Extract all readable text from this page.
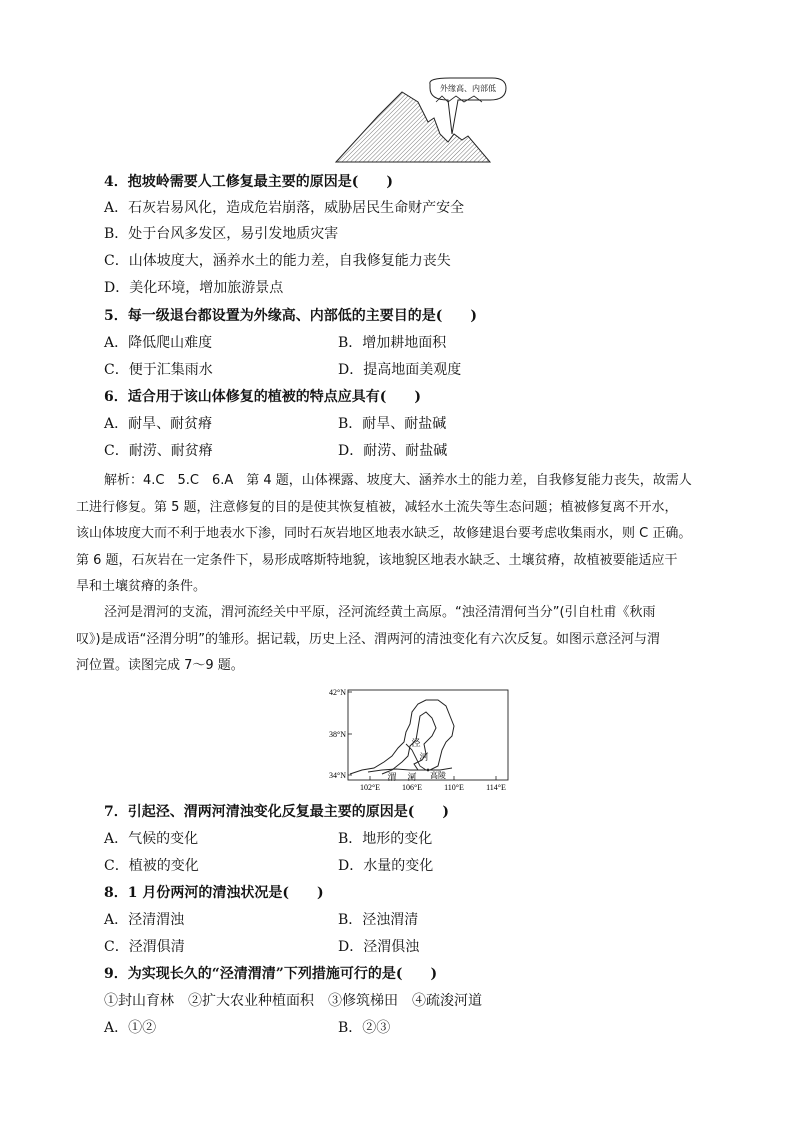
外缘高、内部低
4．抱坡岭需要人工修复最主要的原因是(　　)
A．石灰岩易风化，造成危岩崩落，威胁居民生命财产安全
B．处于台风多发区，易引发地质灾害
C．山体坡度大，涵养水土的能力差，自我修复能力丧失
D．美化环境，增加旅游景点
5．每一级退台都设置为外缘高、内部低的主要目的是(　　)
A．降低爬山难度	B．增加耕地面积
C．便于汇集雨水	D．提高地面美观度
6．适合用于该山体修复的植被的特点应具有(　　)
A．耐旱、耐贫瘠	B．耐旱、耐盐碱
C．耐涝、耐贫瘠	D．耐涝、耐盐碱
解析：4.C　5.C　6.A　第 4 题，山体裸露、坡度大、涵养水土的能力差，自我修复能力丧失，故需人
工进行修复。第 5 题，注意修复的目的是使其恢复植被，减轻水土流失等生态问题；植被修复离不开水，
该山体坡度大而不利于地表水下渗，同时石灰岩地区地表水缺乏，故修建退台要考虑收集雨水，则 C 正确。
第 6 题，石灰岩在一定条件下，易形成喀斯特地貌，该地貌区地表水缺乏、土壤贫瘠，故植被要能适应干
旱和土壤贫瘠的条件。
泾河是渭河的支流，渭河流经关中平原，泾河流经黄土高原。“浊泾清渭何当分”(引自杜甫《秋雨
叹》)是成语“泾渭分明”的雏形。据记载，历史上泾、渭两河的清浊变化有六次反复。如图示意泾河与渭
河位置。读图完成 7～9 题。
42°N
38°N
34°N
102°E	106°E	110°E	114°E
泾
河
渭 河 高陵
7．引起泾、渭两河清浊变化反复最主要的原因是(　　)
A．气候的变化	B．地形的变化
C．植被的变化	D．水量的变化
8．1 月份两河的清浊状况是(　　)
A．泾清渭浊	B．泾浊渭清
C．泾渭俱清	D．泾渭俱浊
9．为实现长久的“泾清渭清”下列措施可行的是(　　)
①封山育林　②扩大农业种植面积　③修筑梯田　④疏浚河道
A．①②	B．②③
